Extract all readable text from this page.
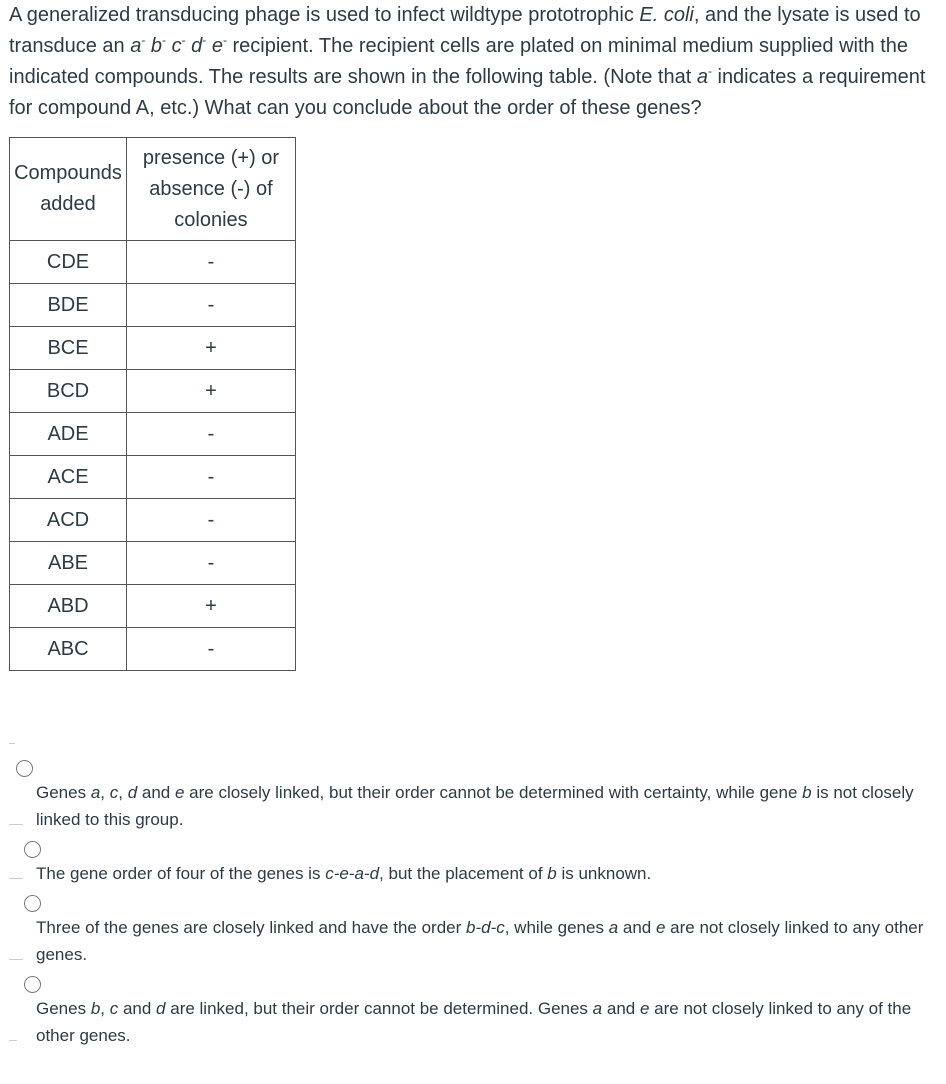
A generalized transducing phage is used to infect wildtype prototrophic E. coli, and the lysate is used to transduce an a- b- c- d- e- recipient. The recipient cells are plated on minimal medium supplied with the indicated compounds. The results are shown in the following table. (Note that a- indicates a requirement for compound A, etc.) What can you conclude about the order of these genes?
Compounds added	presence (+) or absence (-) of colonies
CDE	-
BDE	-
BCE	+
BCD	+
ADE	-
ACE	-
ACD	-
ABE	-
ABD	+
ABC	-
Genes a, c, d and e are closely linked, but their order cannot be determined with certainty, while gene b is not closely linked to this group.
The gene order of four of the genes is c-e-a-d, but the placement of b is unknown.
Three of the genes are closely linked and have the order b-d-c, while genes a and e are not closely linked to any other genes.
Genes b, c and d are linked, but their order cannot be determined. Genes a and e are not closely linked to any of the other genes.
